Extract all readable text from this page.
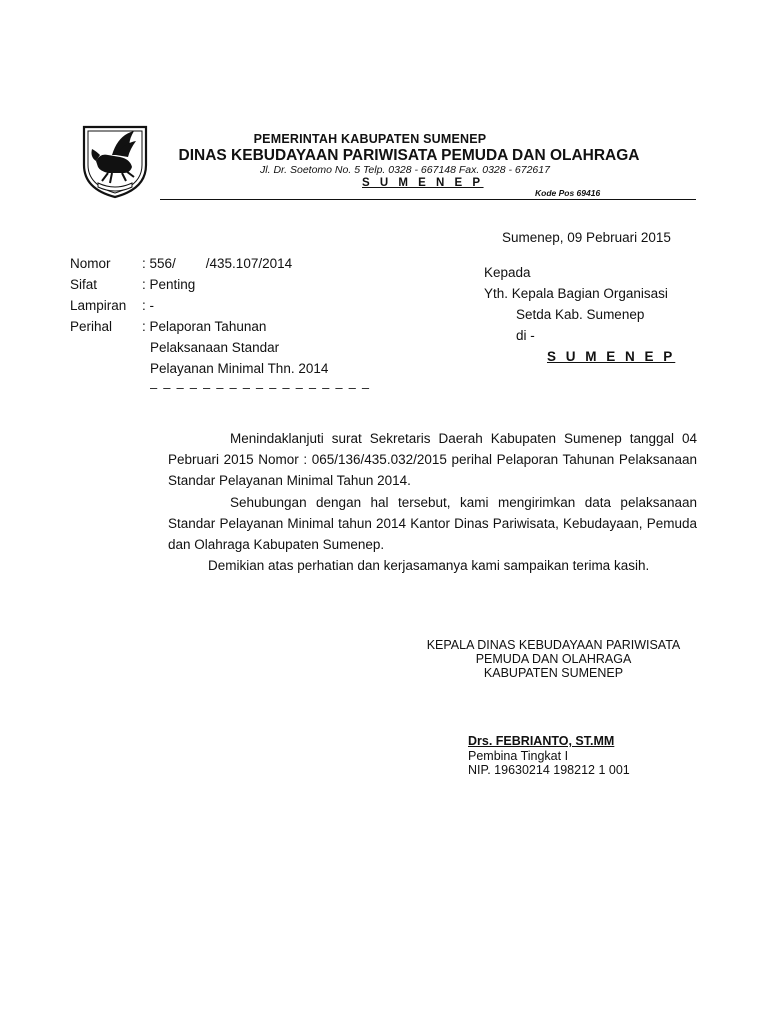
PEMERINTAH KABUPATEN SUMENEP
DINAS KEBUDAYAAN PARIWISATA PEMUDA DAN OLAHRAGA
Jl. Dr. Soetomo No. 5 Telp. 0328 - 667148 Fax. 0328 - 672617
S U M E N E P
Kode Pos 69416
Sumenep, 09 Pebruari 2015
Nomor	: 556/        /435.107/2014
Sifat	: Penting
Lampiran	: -
Perihal	: Pelaporan Tahunan
Pelaksanaan Standar
Pelayanan Minimal Thn. 2014
– – – – – – – – – – – – – – – – –
Kepada
Yth. Kepala Bagian Organisasi
Setda Kab. Sumenep
di -
S U M E N E P

Menindaklanjuti surat Sekretaris Daerah Kabupaten Sumenep tanggal 04 Pebruari 2015 Nomor : 065/136/435.032/2015 perihal Pelaporan Tahunan Pelaksanaan Standar Pelayanan Minimal Tahun 2014.

Sehubungan dengan hal tersebut, kami mengirimkan data pelaksanaan Standar Pelayanan Minimal tahun 2014 Kantor Dinas Pariwisata, Kebudayaan, Pemuda dan Olahraga Kabupaten Sumenep.

Demikian atas perhatian dan kerjasamanya kami sampaikan terima kasih.

KEPALA DINAS KEBUDAYAAN PARIWISATA
PEMUDA DAN OLAHRAGA
KABUPATEN SUMENEP
Drs. FEBRIANTO, ST.MM
Pembina Tingkat I
NIP. 19630214 198212 1 001
